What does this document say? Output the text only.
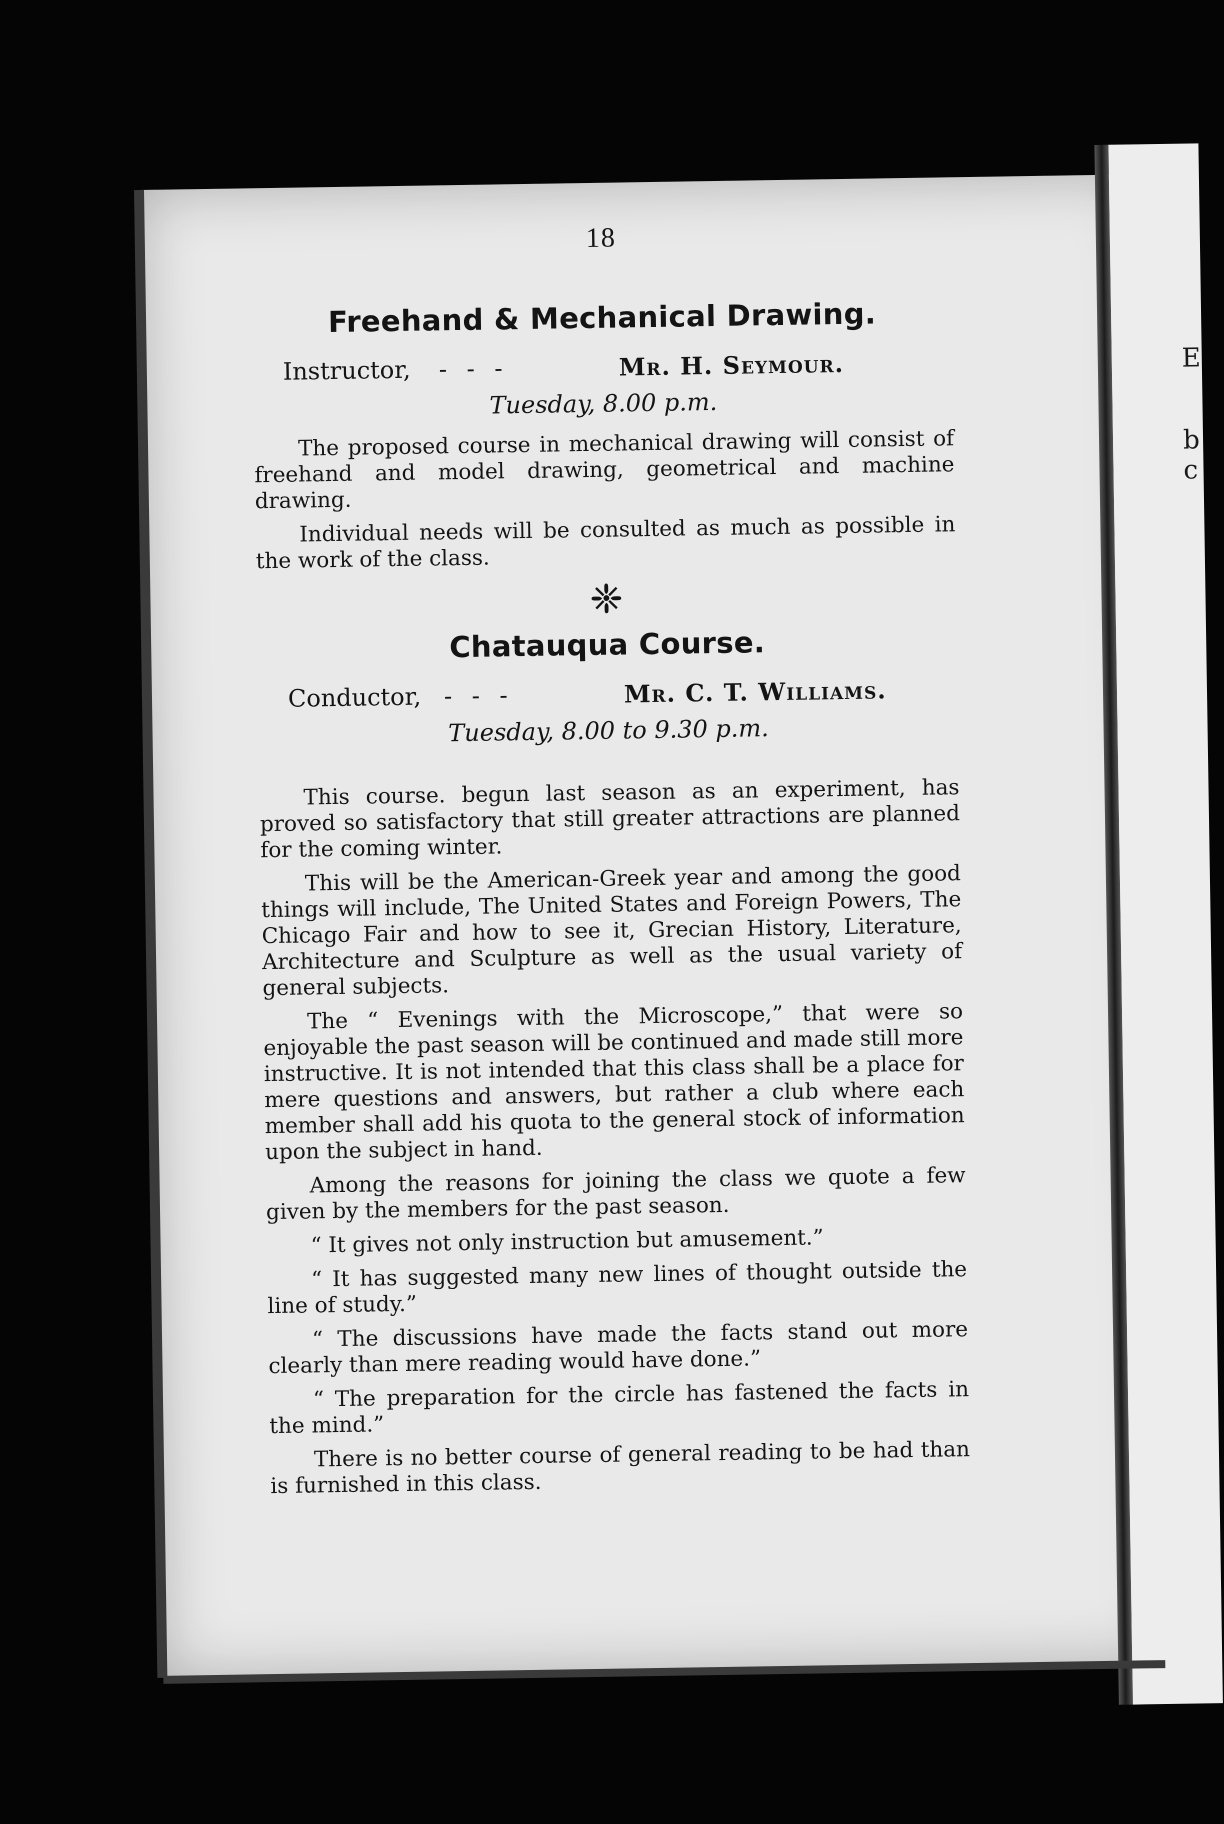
E
b
c
18
Freehand & Mechanical Drawing.
Instructor,	- - -	Mr. H. Seymour.
Tuesday, 8.00 p.m.

The proposed course in mechanical drawing will consist of freehand and model drawing, geometrical and machine drawing.

Individual needs will be consulted as much as possible in the work of the class.

❈
Chatauqua Course.
Conductor, - - -	Mr. C. T. Williams.
Tuesday, 8.00 to 9.30 p.m.

This course. begun last season as an experiment, has proved so satisfactory that still greater attractions are planned for the coming winter.

This will be the American-Greek year and among the good things will include, The United States and Foreign Powers, The Chicago Fair and how to see it, Grecian History, Literature, Architecture and Sculpture as well as the usual variety of general subjects.

The “ Evenings with the Microscope,” that were so enjoyable the past season will be continued and made still more instructive. It is not intended that this class shall be a place for mere questions and answers, but rather a club where each member shall add his quota to the general stock of information upon the subject in hand.

Among the reasons for joining the class we quote a few given by the members for the past season.

“ It gives not only instruction but amusement.”

“ It has suggested many new lines of thought outside the line of study.”

“ The discussions have made the facts stand out more clearly than mere reading would have done.”

“ The preparation for the circle has fastened the facts in the mind.”

There is no better course of general reading to be had than is furnished in this class.
